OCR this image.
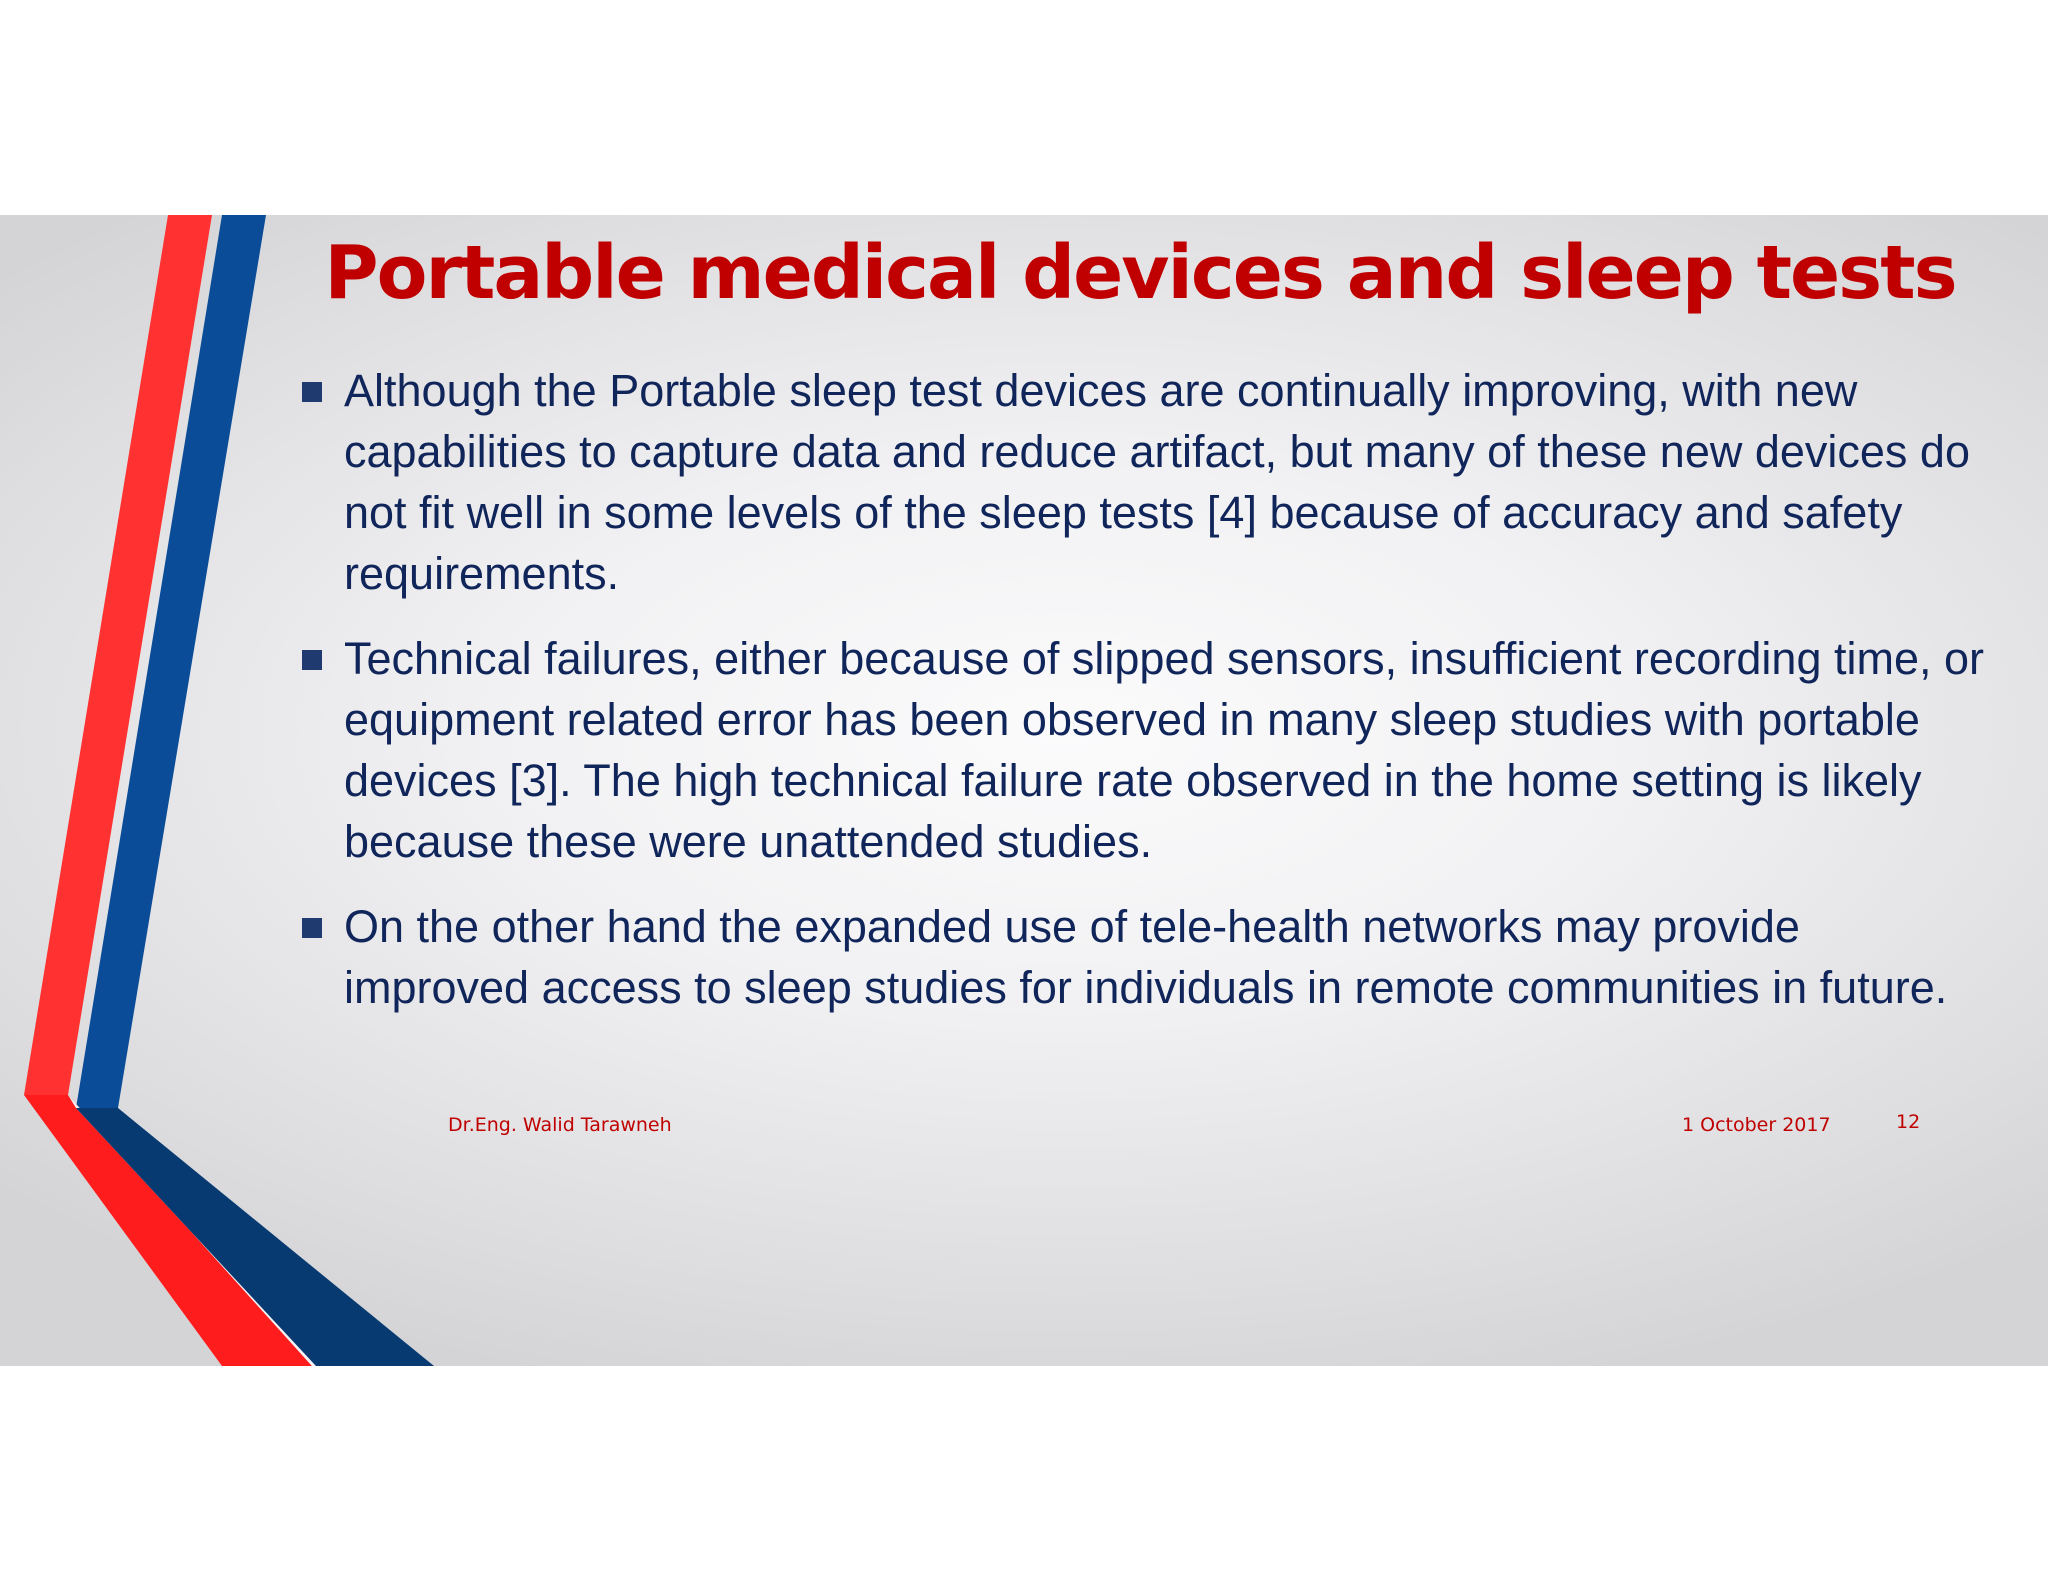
Portable medical devices and sleep tests
Although the Portable sleep test devices are continually improving, with new capabilities to capture data and reduce artifact, but many of these new devices do not fit well in some levels of the sleep tests [4] because of accuracy and safety requirements.
Technical failures, either because of slipped sensors, insufficient recording time, or equipment related error has been observed in many sleep studies with portable devices [3]. The high technical failure rate observed in the home setting is likely because these were unattended studies.
On the other hand the expanded use of tele-health networks may provide improved access to sleep studies for individuals in remote communities in future.
Dr.Eng. Walid Tarawneh	1 October 2017	12
